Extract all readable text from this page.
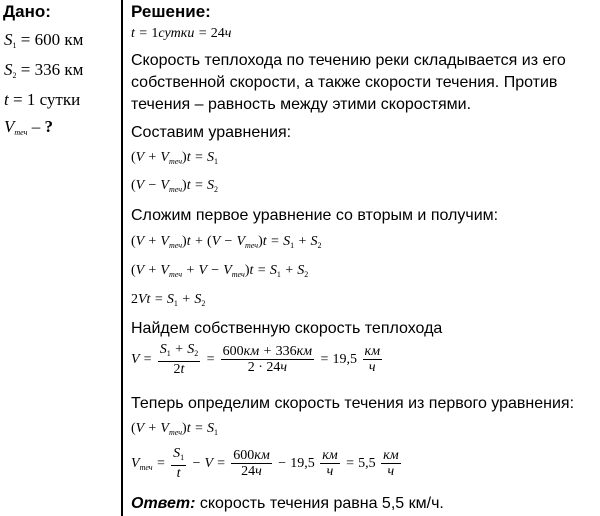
Дано:
$S_1 = 600$ км
$S_2 = 336$ км
t = 1 сутки
$V_{теч}$ – ?
Решение:
t = 1сутки = 24ч
Скорость теплохода по течению реки складывается из его
собственной скорости, а также скорости течения. Против
течения – равность между этими скоростями.
Составим уравнения:
$(V + V_{теч})t = S_1$
$(V - V_{теч})t = S_2$
Сложим первое уравнение со вторым и получим:
$(V + V_{теч})t + (V - V_{теч})t = S_1 + S_2$
$(V + V_{теч} + V - V_{теч})t = S_1 + S_2$
$2Vt = S_1 + S_2$
Найдем собственную скорость теплохода
$V = \frac{S_1 + S_2}{2t} = \frac{600км + 336км}{2 \cdot 24ч} = 19,5 \frac{км}{ч}$
Теперь определим скорость течения из первого уравнения:
$(V + V_{теч})t = S_1$
$V_{теч} = \frac{S_1}{t} - V = \frac{600км}{24ч} - 19,5 \frac{км}{ч} = 5,5 \frac{км}{ч}$
Ответ: скорость течения равна 5,5 км/ч.
